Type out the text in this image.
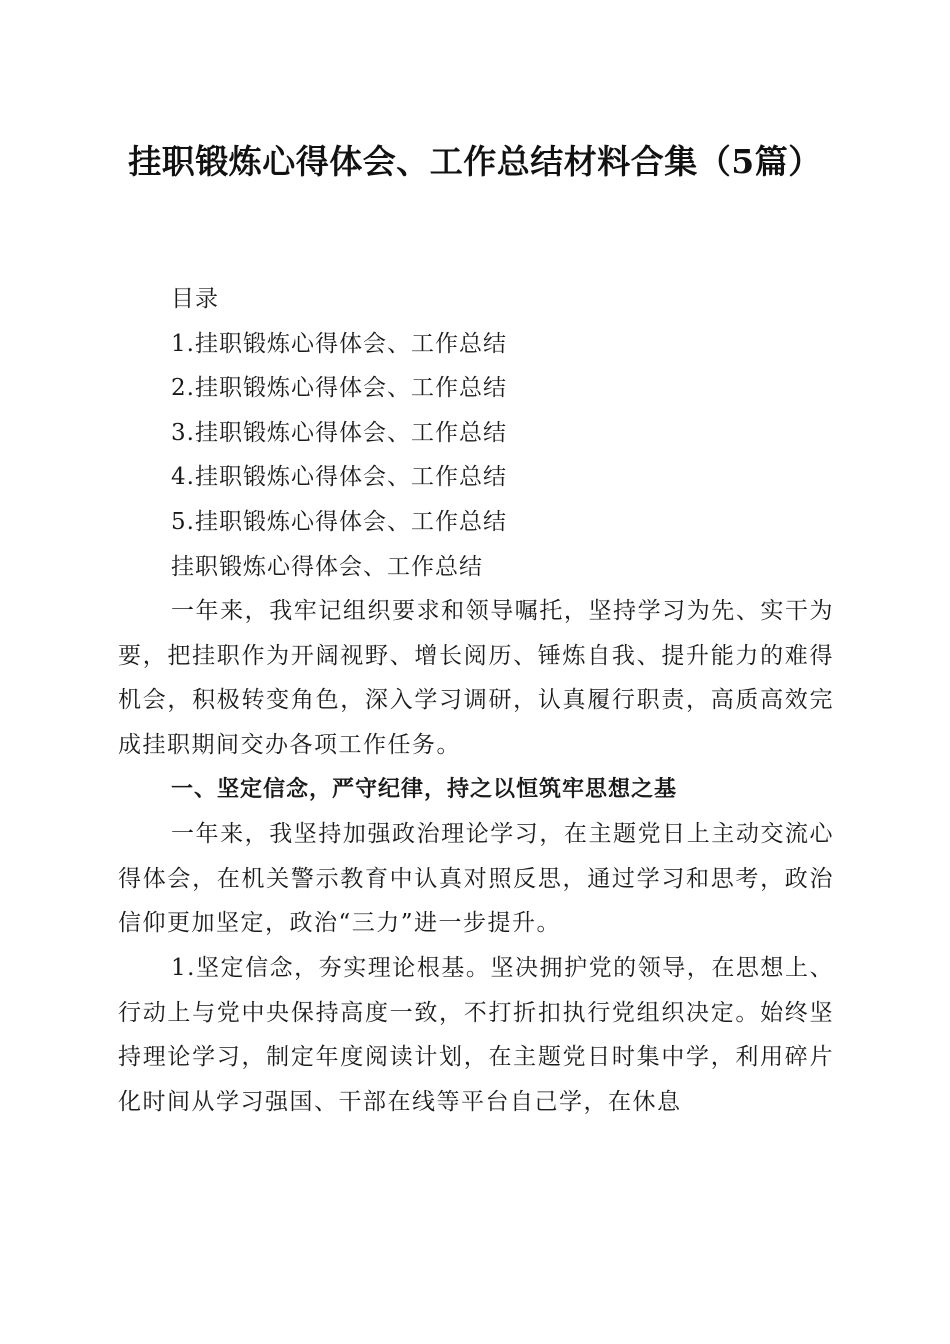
挂职锻炼心得体会、工作总结材料合集（5篇）
目录
1.挂职锻炼心得体会、工作总结
2.挂职锻炼心得体会、工作总结
3.挂职锻炼心得体会、工作总结
4.挂职锻炼心得体会、工作总结
5.挂职锻炼心得体会、工作总结
挂职锻炼心得体会、工作总结

一年来，我牢记组织要求和领导嘱托，坚持学习为先、实干为要，把挂职作为开阔视野、增长阅历、锤炼自我、提升能力的难得机会，积极转变角色，深入学习调研，认真履行职责，高质高效完成挂职期间交办各项工作任务。

一、坚定信念，严守纪律，持之以恒筑牢思想之基

一年来，我坚持加强政治理论学习，在主题党日上主动交流心得体会，在机关警示教育中认真对照反思，通过学习和思考，政治信仰更加坚定，政治“三力”进一步提升。

1.坚定信念，夯实理论根基。坚决拥护党的领导，在思想上、行动上与党中央保持高度一致，不打折扣执行党组织决定。始终坚持理论学习，制定年度阅读计划，在主题党日时集中学，利用碎片化时间从学习强国、干部在线等平台自己学，在休息
